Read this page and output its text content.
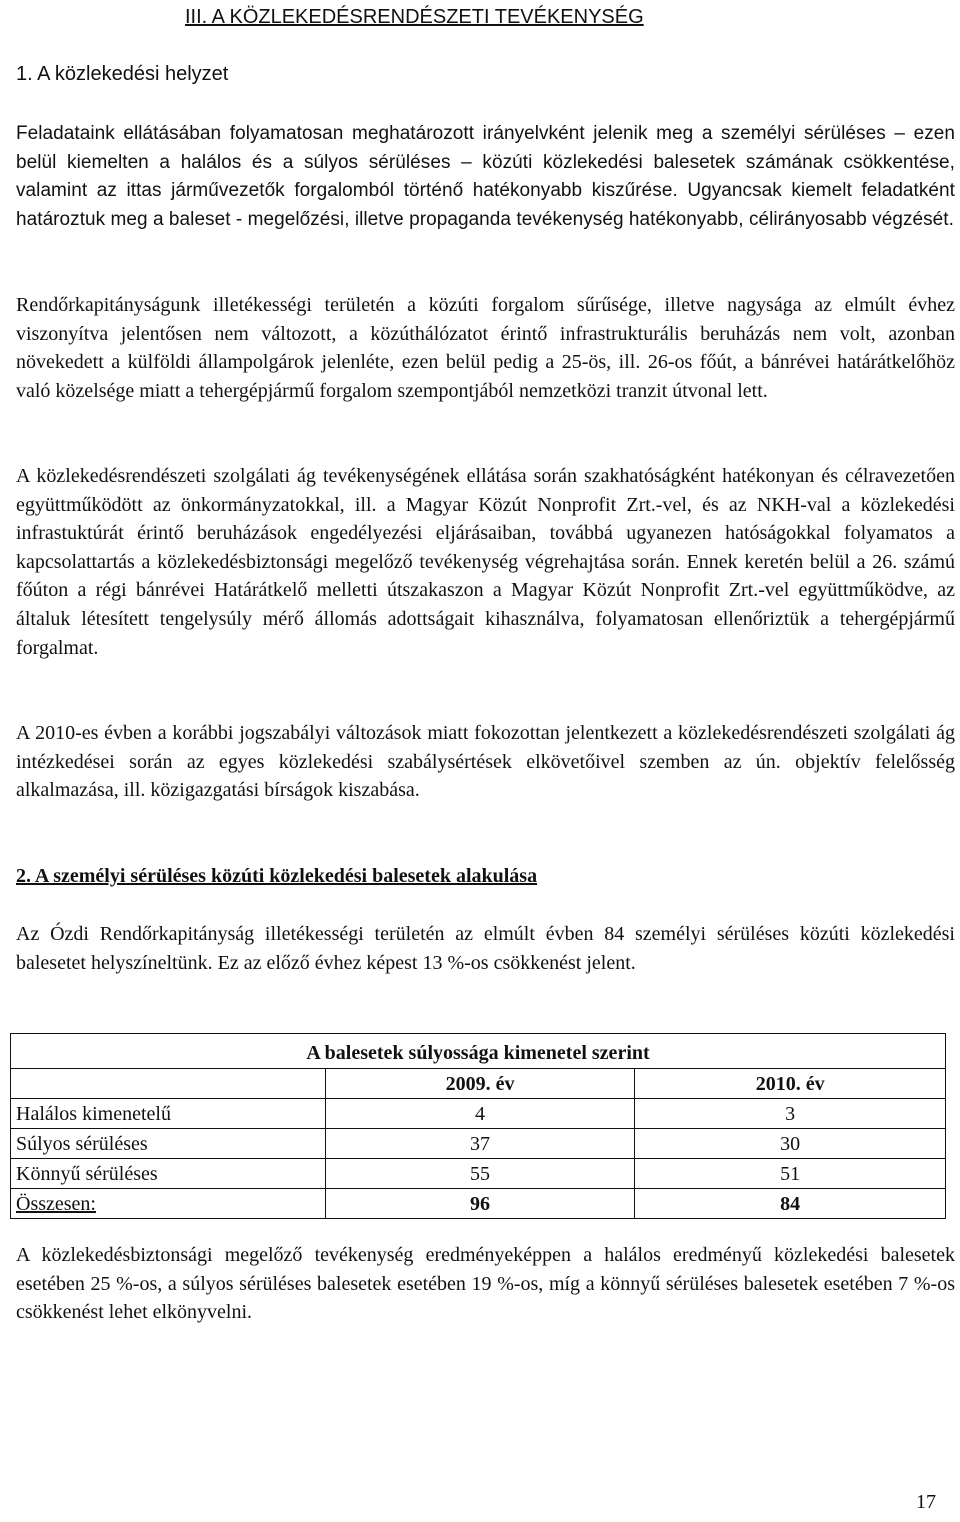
III. A KÖZLEKEDÉSRENDÉSZETI TEVÉKENYSÉG
1. A közlekedési helyzet

Feladataink ellátásában folyamatosan meghatározott irányelvként jelenik meg a személyi sérüléses – ezen belül kiemelten a halálos és a súlyos sérüléses – közúti közlekedési balesetek számának csökkentése, valamint az ittas járművezetők forgalomból történő hatékonyabb kiszűrése. Ugyancsak kiemelt feladatként határoztuk meg a baleset - megelőzési, illetve propaganda tevékenység hatékonyabb, célirányosabb végzését.

Rendőrkapitányságunk illetékességi területén a közúti forgalom sűrűsége, illetve nagysága az elmúlt évhez viszonyítva jelentősen nem változott, a közúthálózatot érintő infrastrukturális beruházás nem volt, azonban növekedett a külföldi állampolgárok jelenléte, ezen belül pedig a 25-ös, ill. 26-os főút, a bánrévei határátkelőhöz való közelsége miatt a tehergépjármű forgalom szempontjából nemzetközi tranzit útvonal lett.

A közlekedésrendészeti szolgálati ág tevékenységének ellátása során szakhatóságként hatékonyan és célravezetően együttműködött az önkormányzatokkal, ill. a Magyar Közút Nonprofit Zrt.-vel, és az NKH-val a közlekedési infrastuktúrát érintő beruházások engedélyezési eljárásaiban, továbbá ugyanezen hatóságokkal folyamatos a kapcsolattartás a közlekedésbiztonsági megelőző tevékenység végrehajtása során. Ennek keretén belül a 26. számú főúton a régi bánrévei Határátkelő melletti útszakaszon a Magyar Közút Nonprofit Zrt.-vel együttműködve, az általuk létesített tengelysúly mérő állomás adottságait kihasználva, folyamatosan ellenőriztük a tehergépjármű forgalmat.

A 2010-es évben a korábbi jogszabályi változások miatt fokozottan jelentkezett a közlekedésrendészeti szolgálati ág intézkedései során az egyes közlekedési szabálysértések elkövetőivel szemben az ún. objektív felelősség alkalmazása, ill. közigazgatási bírságok kiszabása.

2. A személyi sérüléses közúti közlekedési balesetek alakulása

Az Ózdi Rendőrkapitányság illetékességi területén az elmúlt évben 84 személyi sérüléses közúti közlekedési balesetet helyszíneltünk. Ez az előző évhez képest 13 %-os csökkenést jelent.

A balesetek súlyossága kimenetel szerint		
	2009. év	2010. év
Halálos kimenetelű	4	3
Súlyos sérüléses	37	30
Könnyű sérüléses	55	51
Összesen:	96	84

A közlekedésbiztonsági megelőző tevékenység eredményeképpen a halálos eredményű közlekedési balesetek esetében 25 %-os, a súlyos sérüléses balesetek esetében 19 %-os, míg a könnyű sérüléses balesetek esetében 7 %-os csökkenést lehet elkönyvelni.

17
